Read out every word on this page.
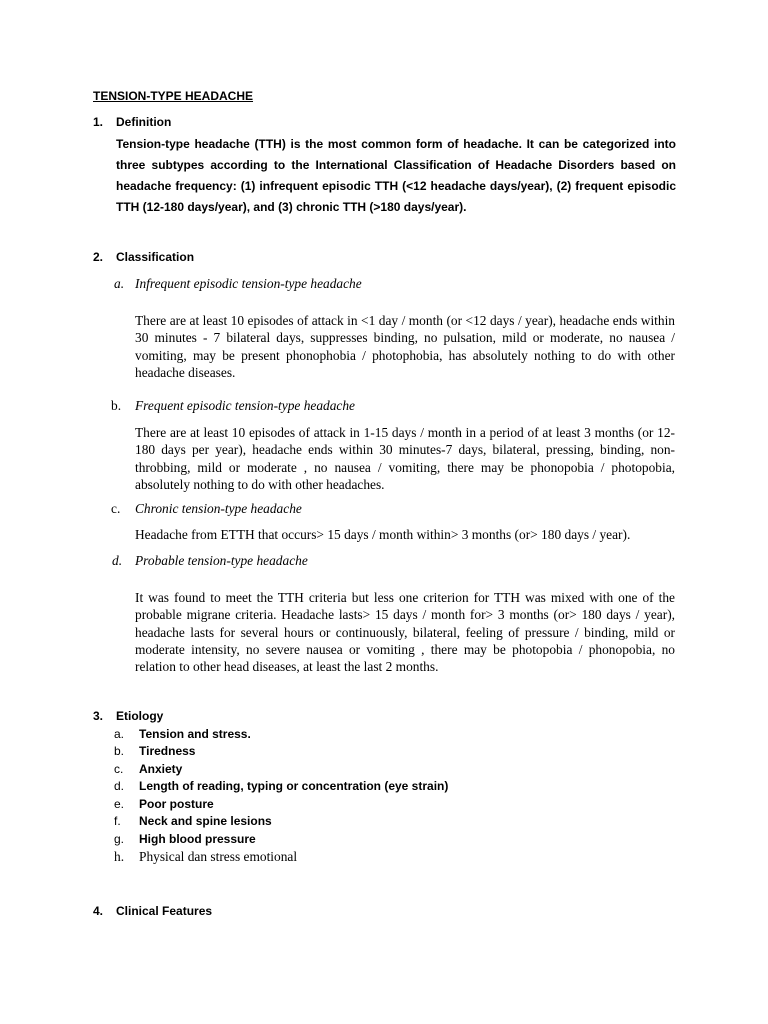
TENSION-TYPE HEADACHE
1. Definition
Tension-type headache (TTH) is the most common form of headache. It can be categorized into three subtypes according to the International Classification of Headache Disorders based on headache frequency: (1) infrequent episodic TTH (<12 headache days/year), (2) frequent episodic TTH (12-180 days/year), and (3) chronic TTH (>180 days/year).
2. Classification
a. Infrequent episodic tension-type headache
There are at least 10 episodes of attack in <1 day / month (or <12 days / year), headache ends within 30 minutes - 7 bilateral days, suppresses binding, no pulsation, mild or moderate, no nausea / vomiting, may be present phonophobia / photophobia, has absolutely nothing to do with other headache diseases.
b. Frequent episodic tension-type headache
There are at least 10 episodes of attack in 1-15 days / month in a period of at least 3 months (or 12-180 days per year), headache ends within 30 minutes-7 days, bilateral, pressing, binding, non-throbbing, mild or moderate , no nausea / vomiting, there may be phonopobia / photopobia, absolutely nothing to do with other headaches.
c. Chronic tension-type headache
Headache from ETTH that occurs> 15 days / month within> 3 months (or> 180 days / year).
d. Probable tension-type headache
It was found to meet the TTH criteria but less one criterion for TTH was mixed with one of the probable migrane criteria. Headache lasts> 15 days / month for> 3 months (or> 180 days / year), headache lasts for several hours or continuously, bilateral, feeling of pressure / binding, mild or moderate intensity, no severe nausea or vomiting , there may be photopobia / phonopobia, no relation to other head diseases, at least the last 2 months.
3. Etiology
a. Tension and stress.
b. Tiredness
c. Anxiety
d. Length of reading, typing or concentration (eye strain)
e. Poor posture
f. Neck and spine lesions
g. High blood pressure
h. Physical dan stress emotional
4. Clinical Features
